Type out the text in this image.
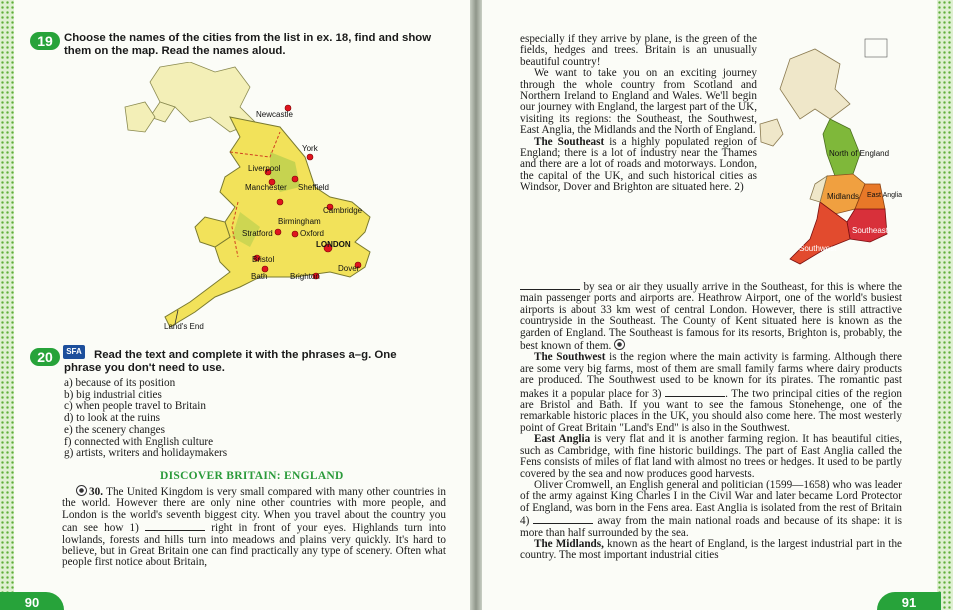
19 Choose the names of the cities from the list in ex. 18, find and show them on the map. Read the names aloud.
Newcastle
York
Liverpool
Manchester Sheffield
Cambridge
Birmingham
Stratford	Oxford
LONDON
Bristol
Dover
Bath	Brighton
Land's End
20	SFA Read the text and complete it with the phrases a–g. One
phrase you don't need to use.
a) because of its position
b) big industrial cities
c) when people travel to Britain
d) to look at the ruins
e) the scenery changes
f) connected with English culture
g) artists, writers and holidaymakers
DISCOVER BRITAIN: ENGLAND

30. The United Kingdom is very small compared with many other countries in the world. However there are only nine other countries with more people, and London is the world's seventh biggest city. When you travel about the country you can see how 1)	right in front of your eyes. Highlands turn into lowlands, forests and hills turn into meadows and plains very quickly. It's hard to believe, but in Great Britain one can find practically any type of scenery. Often what people first notice about Britain,

90	91

especially if they arrive by plane, is the green of the fields, hedges and trees. Britain is an unusually beautiful country!

We want to take you on an exciting journey through the whole country from Scotland and Northern Ireland to England and Wales. We'll begin our journey with England, the largest part of the UK, visiting its regions: the Southeast, the Southwest, East Anglia, the Midlands and the North of England.

The Southeast is a highly populated region of England; there is a lot of industry near the Thames and there are a lot of roads and motorways. London, the capital of the UK, and such historical cities as Windsor, Dover and Brighton are situated here. 2)

North of England
Midlands East Anglia
Southwest
Southeast

by sea or air they usually arrive in the Southeast, for this is where the main passenger ports and airports are. Heathrow Airport, one of the world's busiest airports is about 33 km west of central London. However, there is still attractive countryside in the Southeast. The County of Kent situated here is known as the garden of England. The Southeast is famous for its resorts, Brighton is, probably, the best known of them.

The Southwest is the region where the main activity is farming. Although there are some very big farms, most of them are small family farms where dairy products are produced. The Southwest used to be known for its pirates. The romantic past makes it a popular place for 3)	. The two principal cities of the region are Bristol and Bath. If you want to see the famous Stonehenge, one of the remarkable historic places in the UK, you should also come here. The most westerly point of Great Britain "Land's End" is also in the Southwest.

East Anglia is very flat and it is another farming region. It has beautiful cities, such as Cambridge, with fine historic buildings. The part of East Anglia called the Fens consists of miles of flat land with almost no trees or hedges. It used to be partly covered by the sea and now produces good harvests.

Oliver Cromwell, an English general and politician (1599—1658) who was leader of the army against King Charles I in the Civil War and later became Lord Protector of England, was born in the Fens area. East Anglia is isolated from the rest of Britain 4)	away from the main national roads and because of its shape: it is more than half surrounded by the sea.

The Midlands, known as the heart of England, is the largest industrial part in the country. The most important industrial cities
